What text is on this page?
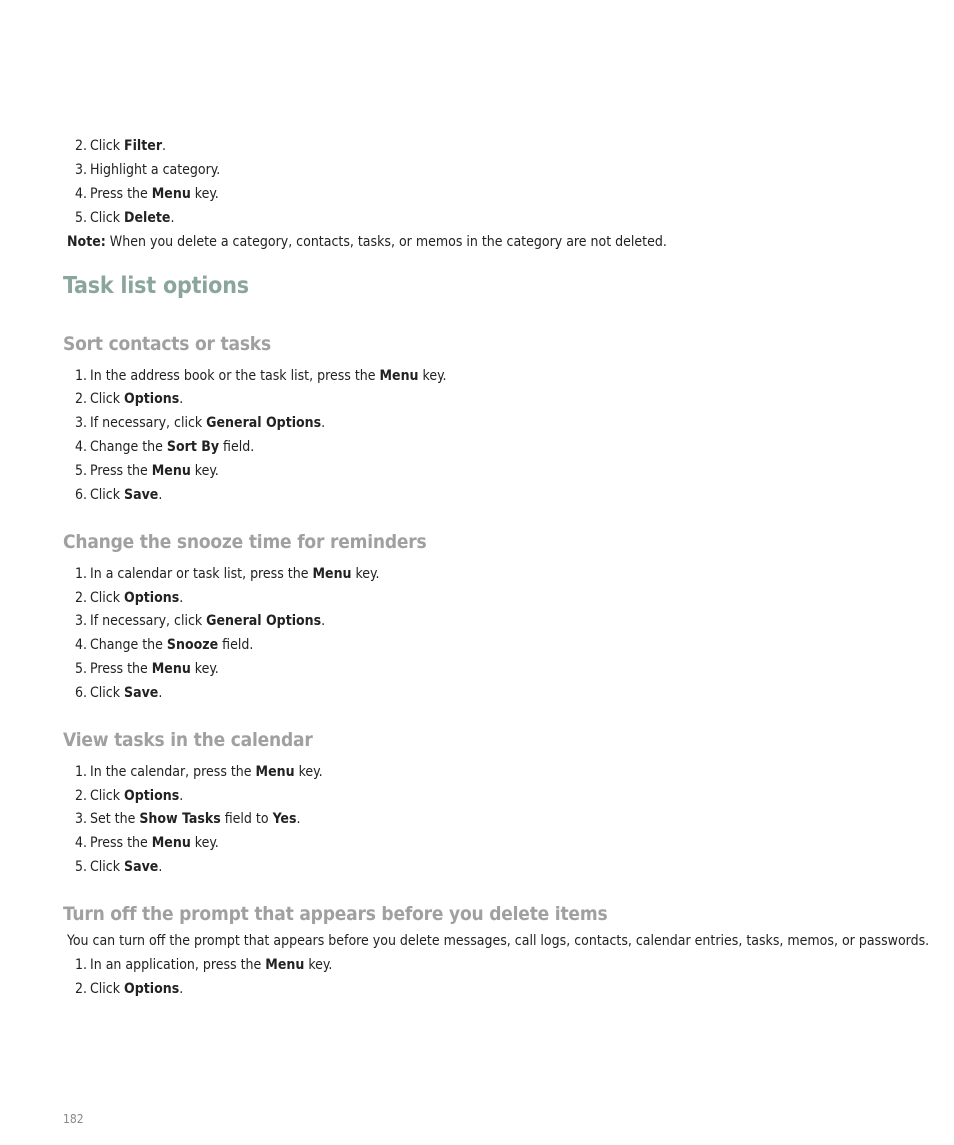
2. Click Filter.
3. Highlight a category.
4. Press the Menu key.
5. Click Delete.
Note: When you delete a category, contacts, tasks, or memos in the category are not deleted.
Task list options
Sort contacts or tasks
1. In the address book or the task list, press the Menu key.
2. Click Options.
3. If necessary, click General Options.
4. Change the Sort By field.
5. Press the Menu key.
6. Click Save.
Change the snooze time for reminders
1. In a calendar or task list, press the Menu key.
2. Click Options.
3. If necessary, click General Options.
4. Change the Snooze field.
5. Press the Menu key.
6. Click Save.
View tasks in the calendar
1. In the calendar, press the Menu key.
2. Click Options.
3. Set the Show Tasks field to Yes.
4. Press the Menu key.
5. Click Save.
Turn off the prompt that appears before you delete items
You can turn off the prompt that appears before you delete messages, call logs, contacts, calendar entries, tasks, memos, or passwords.
1. In an application, press the Menu key.
2. Click Options.
182
